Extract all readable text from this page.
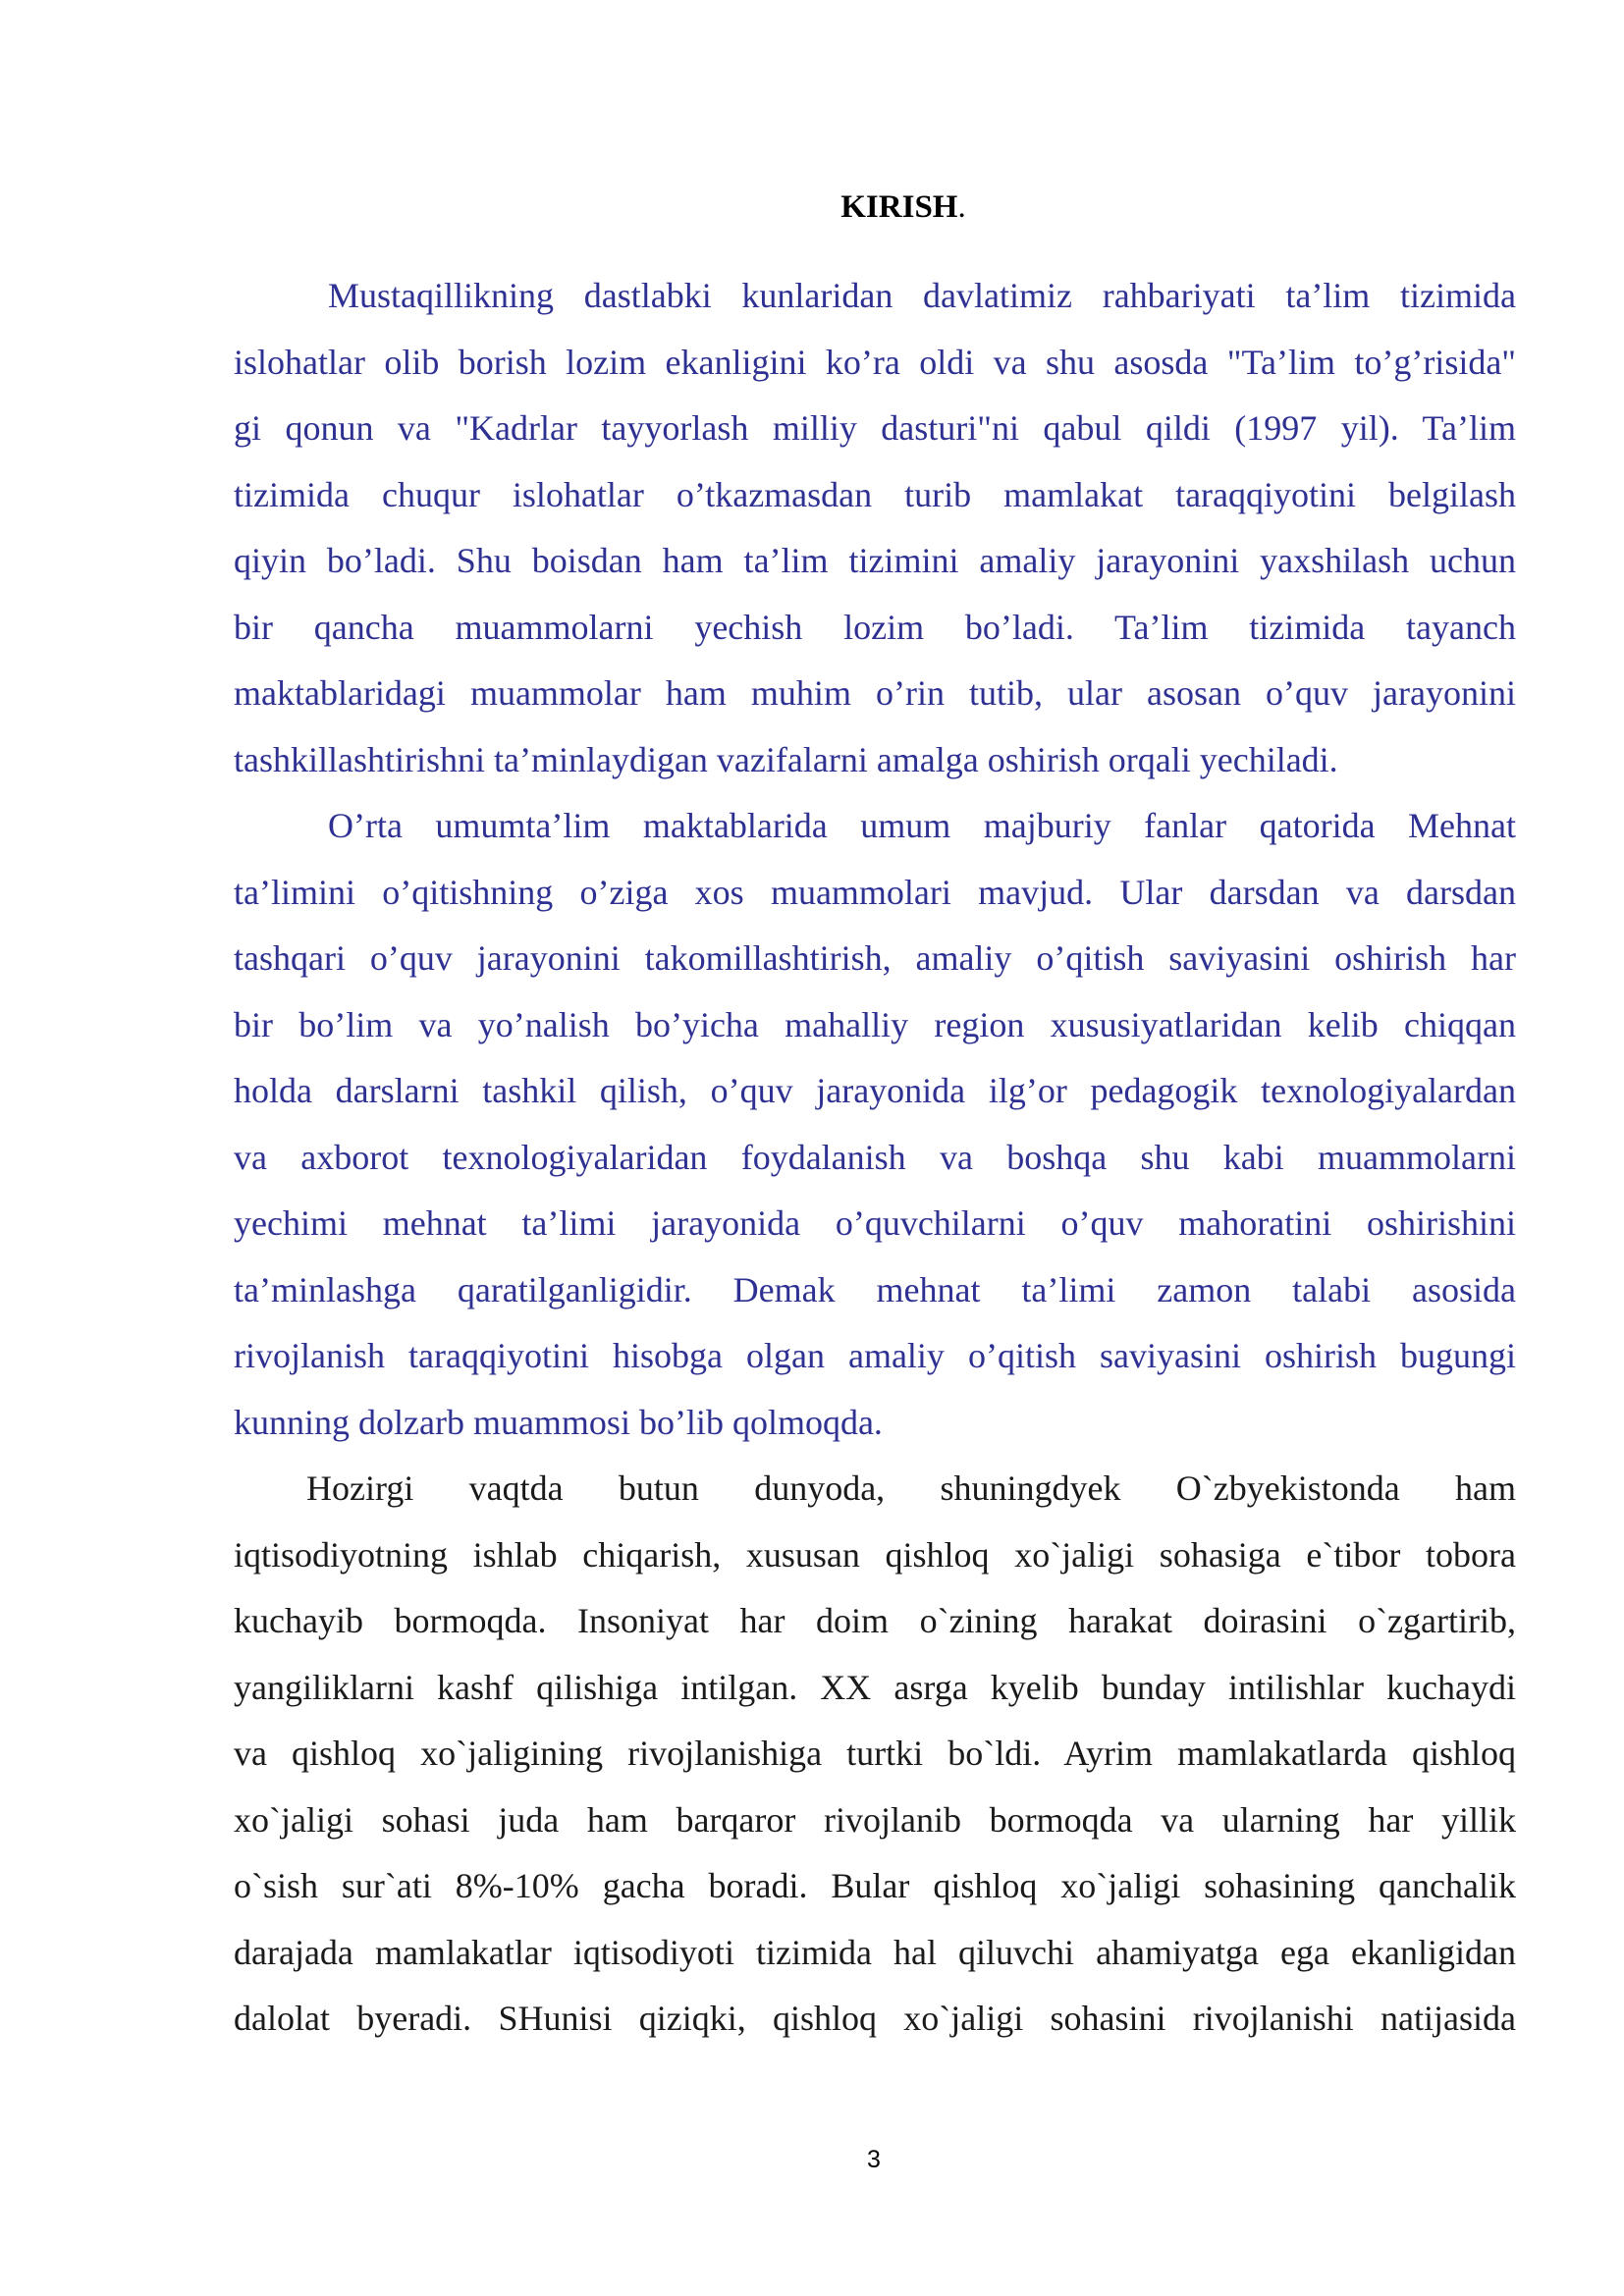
KIRISH.
Mustaqillikning dastlabki kunlaridan davlatimiz rahbariyati ta’lim tizimida
islohatlar olib borish lozim ekanligini ko’ra oldi va shu asosda "Ta’lim to’g’risida"
gi qonun va "Kadrlar tayyorlash milliy dasturi"ni qabul qildi (1997 yil). Ta’lim
tizimida chuqur islohatlar o’tkazmasdan turib mamlakat taraqqiyotini belgilash
qiyin bo’ladi. Shu boisdan ham ta’lim tizimini amaliy jarayonini yaxshilash uchun
bir qancha muammolarni yechish lozim bo’ladi. Ta’lim tizimida tayanch
maktablaridagi muammolar ham muhim o’rin tutib, ular asosan o’quv jarayonini
tashkillashtirishni ta’minlaydigan vazifalarni amalga oshirish orqali yechiladi.
O’rta umumta’lim maktablarida umum majburiy fanlar qatorida Mehnat
ta’limini o’qitishning o’ziga xos muammolari mavjud. Ular darsdan va darsdan
tashqari o’quv jarayonini takomillashtirish, amaliy o’qitish saviyasini oshirish har
bir bo’lim va yo’nalish bo’yicha mahalliy region xususiyatlaridan kelib chiqqan
holda darslarni tashkil qilish, o’quv jarayonida ilg’or pedagogik texnologiyalardan
va axborot texnologiyalaridan foydalanish va boshqa shu kabi muammolarni
yechimi mehnat ta’limi jarayonida o’quvchilarni o’quv mahoratini oshirishini
ta’minlashga qaratilganligidir. Demak mehnat ta’limi zamon talabi asosida
rivojlanish taraqqiyotini hisobga olgan amaliy o’qitish saviyasini oshirish bugungi
kunning dolzarb muammosi bo’lib qolmoqda.
Hozirgi vaqtda butun dunyoda, shuningdyek O`zbyekistonda ham
iqtisodiyotning ishlab chiqarish, xususan qishloq xo`jaligi sohasiga e`tibor tobora
kuchayib bormoqda. Insoniyat har doim o`zining harakat doirasini o`zgartirib,
yangiliklarni kashf qilishiga intilgan. XX asrga kyelib bunday intilishlar kuchaydi
va qishloq xo`jaligining rivojlanishiga turtki bo`ldi. Ayrim mamlakatlarda qishloq
xo`jaligi sohasi juda ham barqaror rivojlanib bormoqda va ularning har yillik
o`sish sur`ati 8%-10% gacha boradi. Bular qishloq xo`jaligi sohasining qanchalik
darajada mamlakatlar iqtisodiyoti tizimida hal qiluvchi ahamiyatga ega ekanligidan
dalolat byeradi. SHunisi qiziqki, qishloq xo`jaligi sohasini rivojlanishi natijasida
3
